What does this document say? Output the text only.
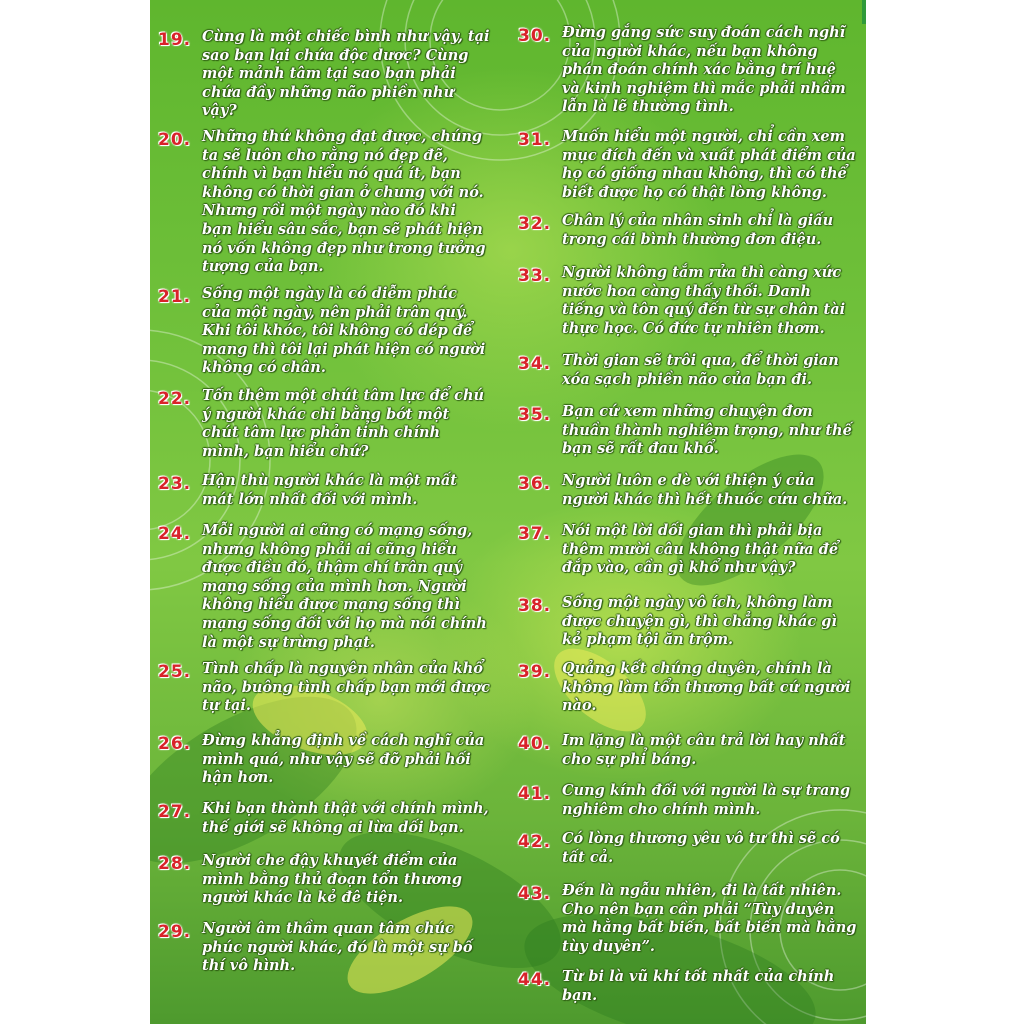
19. Cùng là một chiếc bình như vậy, tại sao bạn lại chứa độc dược? Cùng một mảnh tâm tại sao bạn phải chứa đầy những não phiền như vậy?
20. Những thứ không đạt được, chúng ta sẽ luôn cho rằng nó đẹp đẽ, chính vì bạn hiểu nó quá ít, bạn không có thời gian ở chung với nó. Nhưng rồi một ngày nào đó khi bạn hiểu sâu sắc, bạn sẽ phát hiện nó vốn không đẹp như trong tưởng tượng của bạn.
21. Sống một ngày là có diễm phúc của một ngày, nên phải trân quý. Khi tôi khóc, tôi không có dép để mang thì tôi lại phát hiện có người không có chân.
22. Tốn thêm một chút tâm lực để chú ý người khác chi bằng bớt một chút tâm lực phản tỉnh chính mình, bạn hiểu chứ?
23. Hận thù người khác là một mất mát lớn nhất đối với mình.
24. Mỗi người ai cũng có mạng sống, nhưng không phải ai cũng hiểu được điều đó, thậm chí trân quý mạng sống của mình hơn. Người không hiểu được mạng sống thì mạng sống đối với họ mà nói chính là một sự trừng phạt.
25. Tình chấp là nguyên nhân của khổ não, buông tình chấp bạn mới được tự tại.
26. Đừng khẳng định về cách nghĩ của mình quá, như vậy sẽ đỡ phải hối hận hơn.
27. Khi bạn thành thật với chính mình, thế giới sẽ không ai lừa dối bạn.
28. Người che đậy khuyết điểm của mình bằng thủ đoạn tổn thương người khác là kẻ đê tiện.
29. Người âm thầm quan tâm chúc phúc người khác, đó là một sự bố thí vô hình.
30. Đừng gắng sức suy đoán cách nghĩ của người khác, nếu bạn không phán đoán chính xác bằng trí huệ và kinh nghiệm thì mắc phải nhầm lẫn là lẽ thường tình.
31. Muốn hiểu một người, chỉ cần xem mục đích đến và xuất phát điểm của họ có giống nhau không, thì có thể biết được họ có thật lòng không.
32. Chân lý của nhân sinh chỉ là giấu trong cái bình thường đơn điệu.
33. Người không tắm rửa thì càng xức nước hoa càng thấy thối. Danh tiếng và tôn quý đến từ sự chân tài thực học. Có đức tự nhiên thơm.
34. Thời gian sẽ trôi qua, để thời gian xóa sạch phiền não của bạn đi.
35. Bạn cứ xem những chuyện đơn thuần thành nghiêm trọng, như thế bạn sẽ rất đau khổ.
36. Người luôn e dè với thiện ý của người khác thì hết thuốc cứu chữa.
37. Nói một lời dối gian thì phải bịa thêm mười câu không thật nữa để đắp vào, cần gì khổ như vậy?
38. Sống một ngày vô ích, không làm được chuyện gì, thì chẳng khác gì kẻ phạm tội ăn trộm.
39. Quảng kết chúng duyên, chính là không làm tổn thương bất cứ người nào.
40. Im lặng là một câu trả lời hay nhất cho sự phỉ báng.
41. Cung kính đối với người là sự trang nghiêm cho chính mình.
42. Có lòng thương yêu vô tư thì sẽ có tất cả.
43. Đến là ngẫu nhiên, đi là tất nhiên. Cho nên bạn cần phải “Tùy duyên mà hằng bất biến, bất biến mà hằng tùy duyên”.
44. Từ bi là vũ khí tốt nhất của chính bạn.
